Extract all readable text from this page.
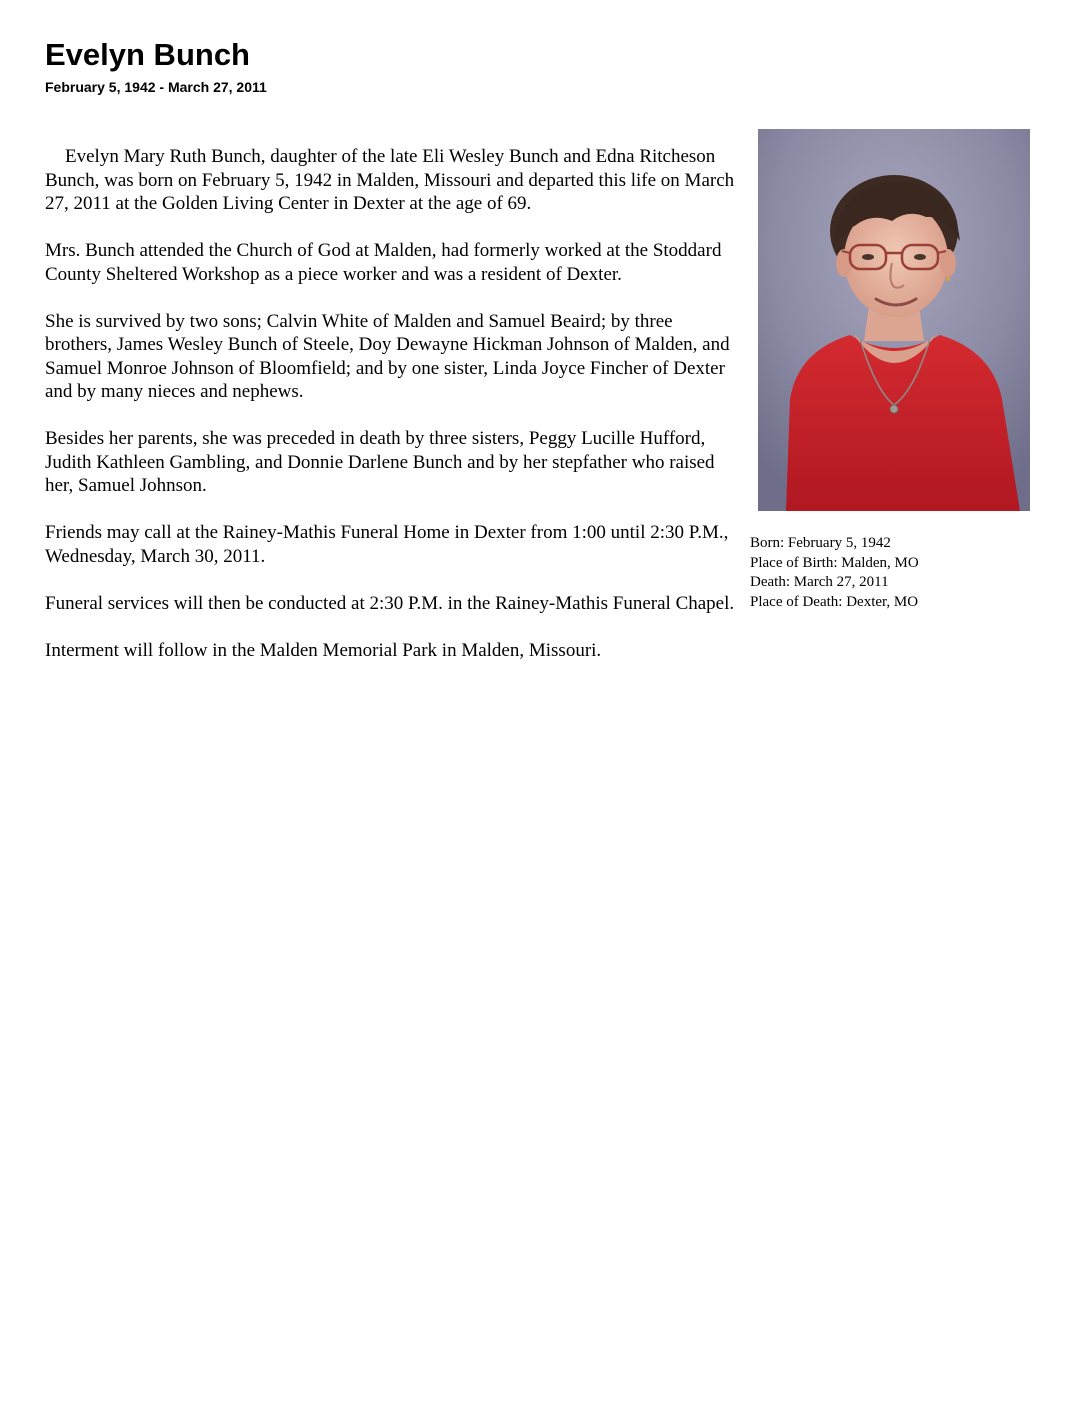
Evelyn Bunch
February 5, 1942 - March 27, 2011

Evelyn Mary Ruth Bunch, daughter of the late Eli Wesley Bunch and Edna Ritcheson Bunch, was born on February 5, 1942 in Malden, Missouri and departed this life on March 27, 2011 at the Golden Living Center in Dexter at the age of 69.

Mrs. Bunch attended the Church of God at Malden, had formerly worked at the Stoddard County Sheltered Workshop as a piece worker and was a resident of Dexter.

She is survived by two sons; Calvin White of Malden and Samuel Beaird; by three brothers, James Wesley Bunch of Steele, Doy Dewayne Hickman Johnson of Malden, and Samuel Monroe Johnson of Bloomfield; and by one sister, Linda Joyce Fincher of Dexter and by many nieces and nephews.

Besides her parents, she was preceded in death by three sisters, Peggy Lucille Hufford, Judith Kathleen Gambling, and Donnie Darlene Bunch and by her stepfather who raised her, Samuel Johnson.

Friends may call at the Rainey-Mathis Funeral Home in Dexter from 1:00 until 2:30 P.M., Wednesday, March 30, 2011.

Funeral services will then be conducted at 2:30 P.M. in the Rainey-Mathis Funeral Chapel.

Interment will follow in the Malden Memorial Park in Malden, Missouri.

Born: February 5, 1942
Place of Birth: Malden, MO
Death: March 27, 2011
Place of Death: Dexter, MO
